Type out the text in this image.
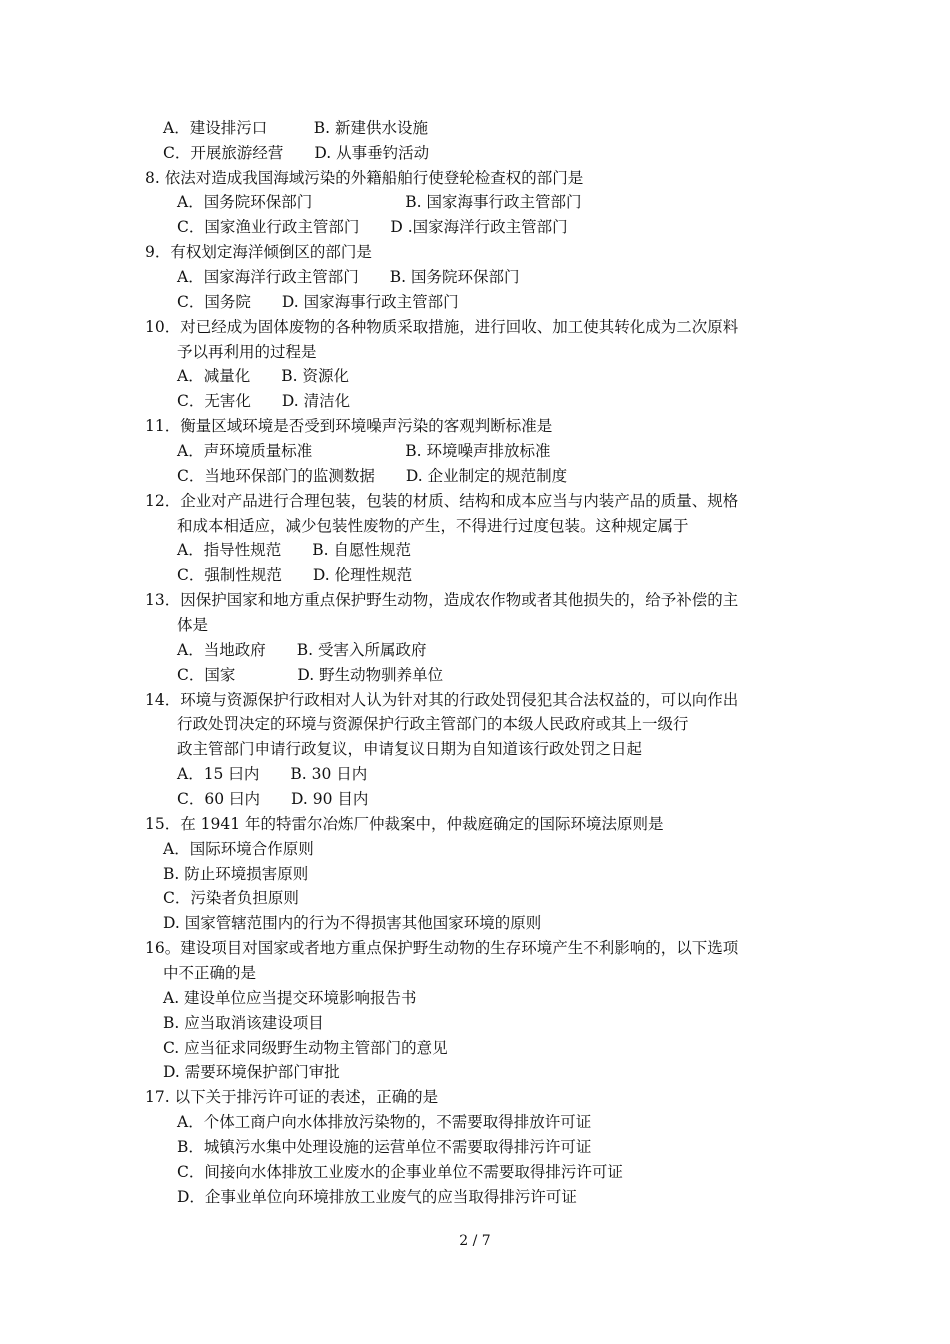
A．建设排污口　　　B. 新建供水设施
C．开展旅游经营　　D. 从事垂钓活动
8. 依法对造成我国海域污染的外籍船舶行使登轮检查权的部门是
A．国务院环保部门　　　　　　B. 国家海事行政主管部门
C．国家渔业行政主管部门　　D .国家海洋行政主管部门
9．有权划定海洋倾倒区的部门是
A．国家海洋行政主管部门　　B. 国务院环保部门
C．国务院　　D. 国家海事行政主管部门
10．对已经成为固体废物的各种物质采取措施，进行回收、加工使其转化成为二次原料
予以再利用的过程是
A．减量化　　B. 资源化
C．无害化　　D. 清洁化
11．衡量区域环境是否受到环境噪声污染的客观判断标准是
A．声环境质量标准　　　　　　B. 环境噪声排放标准
C．当地环保部门的监测数据　　D. 企业制定的规范制度
12．企业对产品进行合理包装，包装的材质、结构和成本应当与内装产品的质量、规格
和成本相适应，减少包装性废物的产生，不得进行过度包装。这种规定属于
A．指导性规范　　B. 自愿性规范
C．强制性规范　　D. 伦理性规范
13．因保护国家和地方重点保护野生动物，造成农作物或者其他损失的，给予补偿的主
体是
A．当地政府　　B. 受害入所属政府
C．国家　　　　D. 野生动物驯养单位
14．环境与资源保护行政相对人认为针对其的行政处罚侵犯其合法权益的，可以向作出
行政处罚决定的环境与资源保护行政主管部门的本级人民政府或其上一级行
政主管部门申请行政复议，申请复议日期为自知道该行政处罚之日起
A．15 曰内　　B. 30 日内
C．60 曰内　　D. 90 目内
15．在 1941 年的特雷尔冶炼厂仲裁案中，仲裁庭确定的国际环境法原则是
A．国际环境合作原则
B. 防止环境损害原则
C．污染者负担原则
D. 国家管辖范围内的行为不得损害其他国家环境的原则
16。建设项目对国家或者地方重点保护野生动物的生存环境产生不利影响的，以下选项
中不正确的是
A. 建设单位应当提交环境影响报告书
B. 应当取消该建设项目
C. 应当征求同级野生动物主管部门的意见
D. 需要环境保护部门审批
17. 以下关于排污许可证的表述，正确的是
A．个体工商户向水体排放污染物的，不需要取得排放许可证
B．城镇污水集中处理设施的运营单位不需要取得排污许可证
C．间接向水体排放工业废水的企事业单位不需要取得排污许可证
D．企事业单位向环境排放工业废气的应当取得排污许可证
2 / 7
